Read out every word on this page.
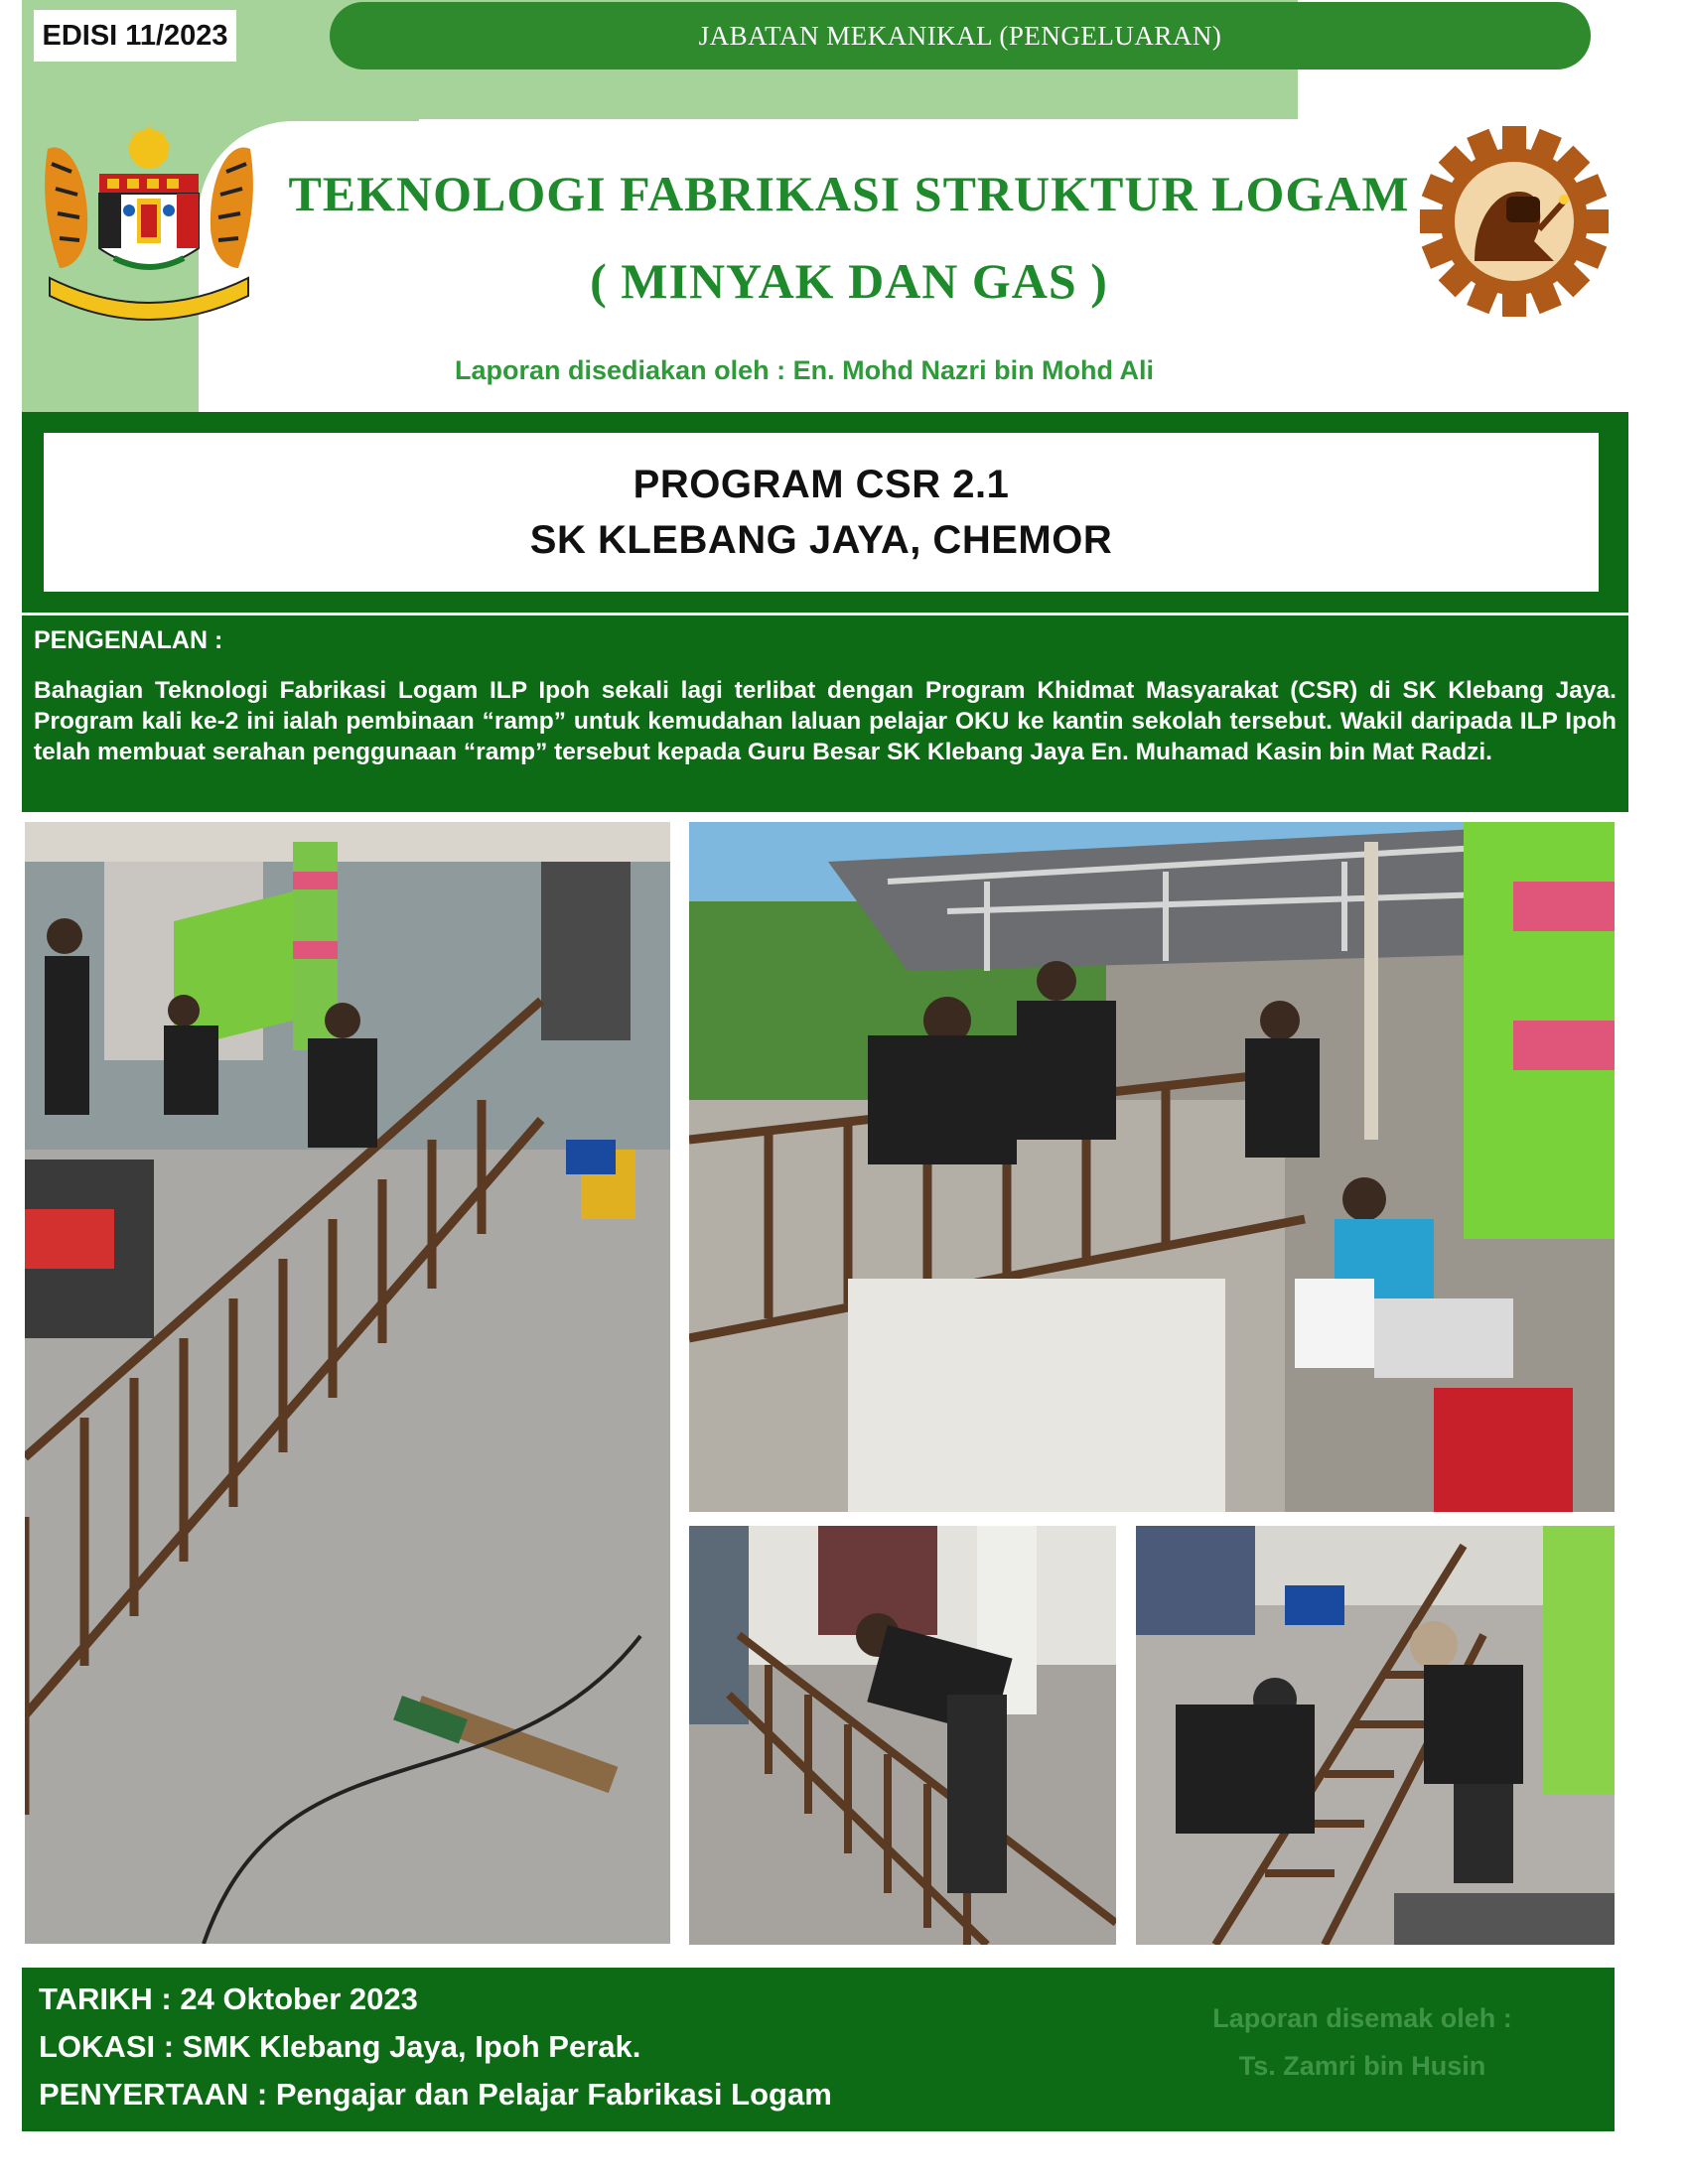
EDISI 11/2023	JABATAN MEKANIKAL (PENGELUARAN)
TEKNOLOGI FABRIKASI STRUKTUR LOGAM
( MINYAK DAN GAS )
Laporan disediakan oleh : En. Mohd Nazri bin Mohd Ali
PROGRAM CSR 2.1
SK KLEBANG JAYA, CHEMOR
PENGENALAN :
Bahagian Teknologi Fabrikasi Logam ILP Ipoh sekali lagi terlibat dengan Program Khidmat Masyarakat (CSR) di SK Klebang Jaya. Program kali ke-2 ini ialah pembinaan “ramp” untuk kemudahan laluan pelajar OKU ke kantin sekolah tersebut. Wakil daripada ILP Ipoh telah membuat serahan penggunaan “ramp” tersebut kepada Guru Besar SK Klebang Jaya En. Muhamad Kasin bin Mat Radzi.
TARIKH : 24 Oktober 2023
LOKASI : SMK Klebang Jaya, Ipoh Perak.
PENYERTAAN : Pengajar dan Pelajar Fabrikasi Logam
Laporan disemak oleh :
Ts. Zamri bin Husin
